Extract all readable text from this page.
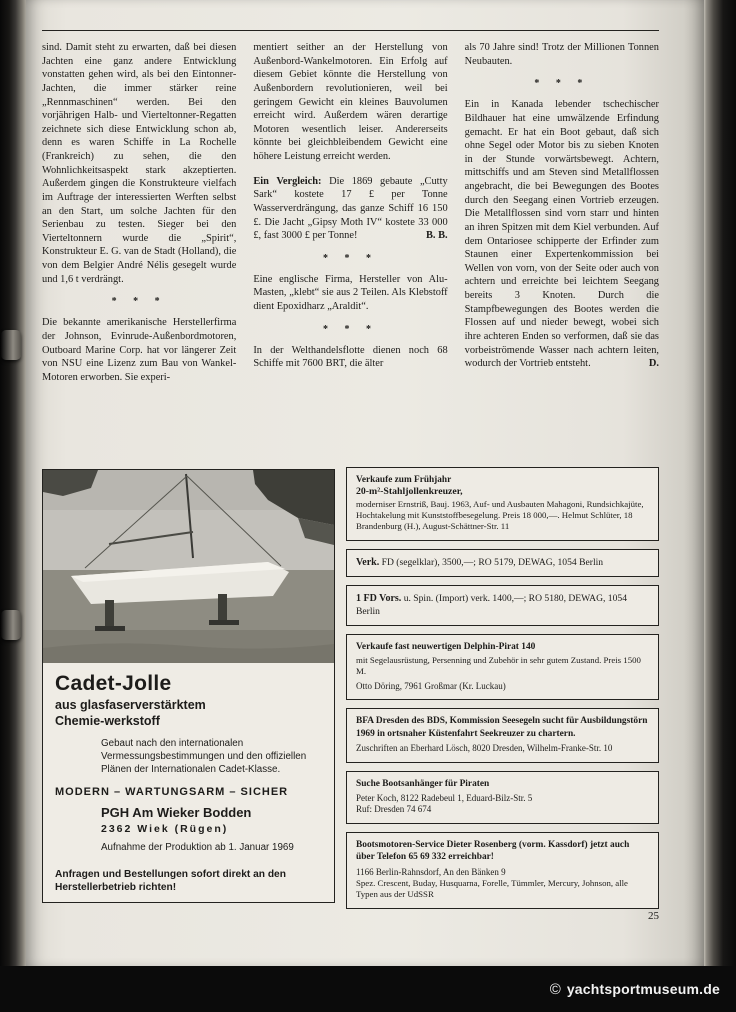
sind. Damit steht zu erwarten, daß bei diesen Jachten eine ganz andere Entwicklung vonstatten gehen wird, als bei den Eintonner-Jachten, die immer stärker reine „Rennmaschinen“ werden. Bei den vorjährigen Halb- und Vierteltonner-Regatten zeichnete sich diese Entwicklung schon ab, denn es waren Schiffe in La Rochelle (Frankreich) zu sehen, die den Wohnlichkeitsaspekt stark akzeptierten. Außerdem gingen die Konstrukteure vielfach im Auftrage der interessierten Werften selbst an den Start, um solche Jachten für den Serienbau zu testen. Sieger bei den Vierteltonnern wurde die „Spirit“, Konstrukteur E. G. van de Stadt (Holland), die von dem Belgier André Nélis gesegelt wurde und 1,6 t verdrängt.

* * *

Die bekannte amerikanische Herstellerfirma der Johnson, Evinrude-Außenbordmotoren, Outboard Marine Corp. hat vor längerer Zeit von NSU eine Lizenz zum Bau von Wankel-Motoren erworben. Sie experi-

mentiert seither an der Herstellung von Außenbord-Wankelmotoren. Ein Erfolg auf diesem Gebiet könnte die Herstellung von Außenbordern revolutionieren, weil bei geringem Gewicht ein kleines Bauvolumen erreicht wird. Außerdem wären derartige Motoren wesentlich leiser. Andererseits könnte bei gleichbleibendem Gewicht eine höhere Leistung erreicht werden.

Ein Vergleich: Die 1869 gebaute „Cutty Sark“ kostete 17 £ per Tonne Wasserverdrängung, das ganze Schiff 16 150 £. Die Jacht „Gipsy Moth IV“ kostete 33 000 £, fast 3000 £ per Tonne!	B. B.

* * *

Eine englische Firma, Hersteller von Alu-Masten, „klebt“ sie aus 2 Teilen. Als Klebstoff dient Epoxidharz „Araldit“.

* * *

In der Welthandelsflotte dienen noch 68 Schiffe mit 7600 BRT, die älter

als 70 Jahre sind! Trotz der Millionen Tonnen Neubauten.

* * *

Ein in Kanada lebender tschechischer Bildhauer hat eine umwälzende Erfindung gemacht. Er hat ein Boot gebaut, daß sich ohne Segel oder Motor bis zu sieben Knoten in der Stunde vorwärtsbewegt. Achtern, mittschiffs und am Steven sind Metallflossen angebracht, die bei Bewegungen des Bootes durch den Seegang einen Vortrieb erzeugen. Die Metallflossen sind vorn starr und hinten an ihren Spitzen mit dem Kiel verbunden. Auf dem Ontariosee schipperte der Erfinder zum Staunen einer Expertenkommission bei Wellen von vorn, von der Seite oder auch von achtern und erreichte bei leichtem Seegang bereits 3 Knoten. Durch die Stampfbewegungen des Bootes werden die Flossen auf und nieder bewegt, wobei sich ihre achteren Enden so verformen, daß sie das vorbeiströmende Wasser nach achtern leiten, wodurch der Vortrieb entsteht.	D.

Cadet-Jolle
aus glasfaserverstärktem Chemie-werkstoff
Gebaut nach den internationalen Vermessungsbestimmungen und den offiziellen Plänen der Internationalen Cadet-Klasse.
MODERN – WARTUNGSARM – SICHER
PGH Am Wieker Bodden
2362 Wiek (Rügen)
Aufnahme der Produktion ab 1. Januar 1969
Anfragen und Bestellungen sofort direkt an den Herstellerbetrieb richten!
Verkaufe zum Frühjahr
20-m²-Stahljollenkreuzer,
moderniser Ernstriß, Bauj. 1963, Auf- und Ausbauten Mahagoni, Rundsichkajüte, Hochtakelung mit Kunststoffbesegelung. Preis 18 000,—. Helmut Schlüter, 18 Brandenburg (H.), August-Schättner-Str. 11
Verk. FD (segelklar), 3500,—; RO 5179, DEWAG, 1054 Berlin
1 FD Vors. u. Spin. (Import) verk. 1400,—; RO 5180, DEWAG, 1054 Berlin
Verkaufe fast neuwertigen Delphin-Pirat 140
mit Segelausrüstung, Persenning und Zubehör in sehr gutem Zustand. Preis 1500 M.
Otto Döring, 7961 Großmar (Kr. Luckau)
BFA Dresden des BDS, Kommission Seesegeln sucht für Ausbildungstörn 1969 in ortsnaher Küstenfahrt Seekreuzer zu chartern.
Zuschriften an Eberhard Lösch, 8020 Dresden, Wilhelm-Franke-Str. 10
Suche Bootsanhänger für Piraten
Peter Koch, 8122 Radebeul 1, Eduard-Bilz-Str. 5
Ruf: Dresden 74 674
Bootsmotoren-Service Dieter Rosenberg (vorm. Kassdorf) jetzt auch über Telefon 65 69 332 erreichbar!
1166 Berlin-Rahnsdorf, An den Bänken 9
Spez. Crescent, Buday, Husquarna, Forelle, Tümmler, Mercury, Johnson, alle Typen aus der UdSSR
25
© yachtsportmuseum.de
